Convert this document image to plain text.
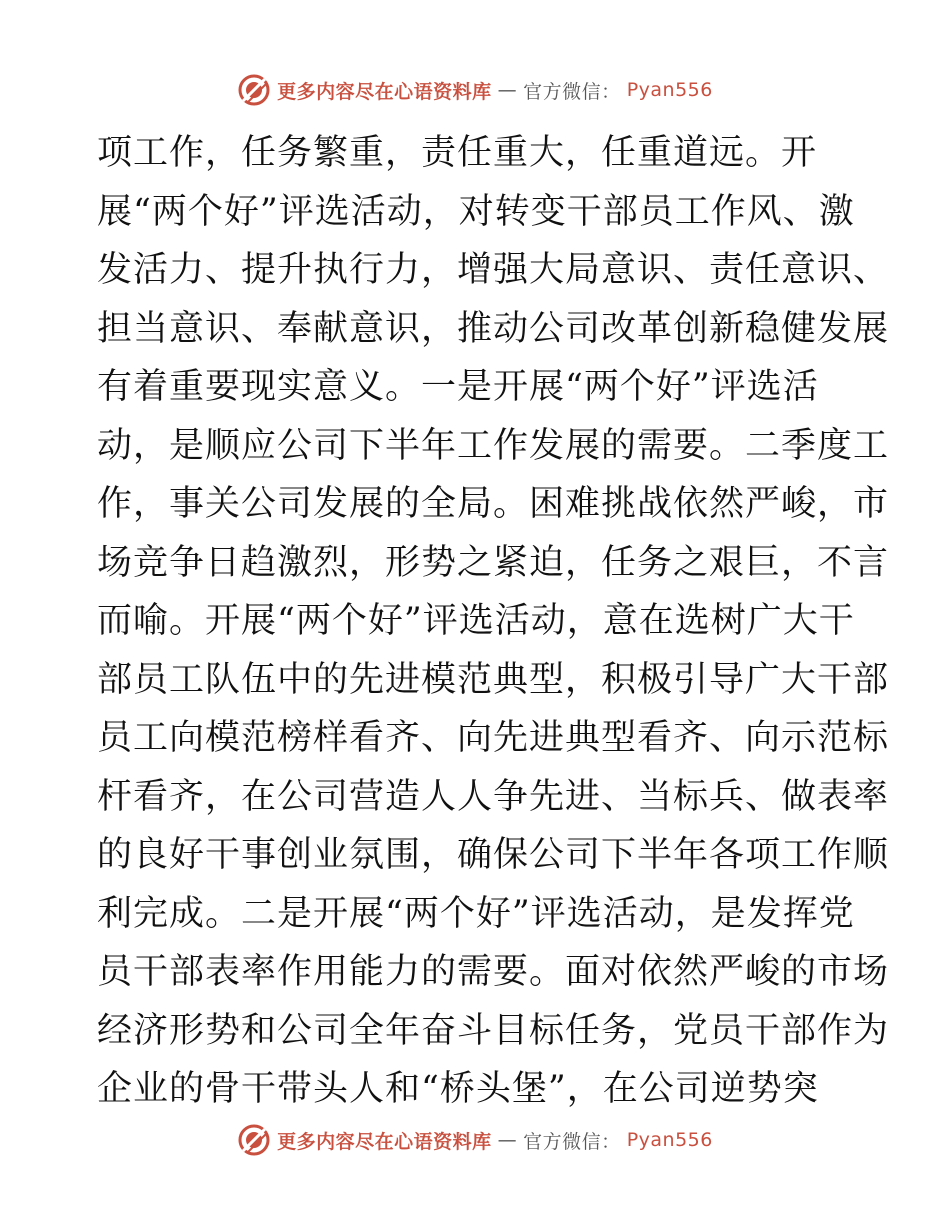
更多内容尽在心语资料库 — 官方微信： Pyan556
项工作，任务繁重，责任重大，任重道远。开
展“两个好”评选活动，对转变干部员工作风、激
发活力、提升执行力，增强大局意识、责任意识、
担当意识、奉献意识，推动公司改革创新稳健发展
有着重要现实意义。一是开展“两个好”评选活
动，是顺应公司下半年工作发展的需要。二季度工
作，事关公司发展的全局。困难挑战依然严峻，市
场竞争日趋激烈，形势之紧迫，任务之艰巨，不言
而喻。开展“两个好”评选活动，意在选树广大干
部员工队伍中的先进模范典型，积极引导广大干部
员工向模范榜样看齐、向先进典型看齐、向示范标
杆看齐，在公司营造人人争先进、当标兵、做表率
的良好干事创业氛围，确保公司下半年各项工作顺
利完成。二是开展“两个好”评选活动，是发挥党
员干部表率作用能力的需要。面对依然严峻的市场
经济形势和公司全年奋斗目标任务，党员干部作为
企业的骨干带头人和“桥头堡”，在公司逆势突
更多内容尽在心语资料库 — 官方微信： Pyan556
